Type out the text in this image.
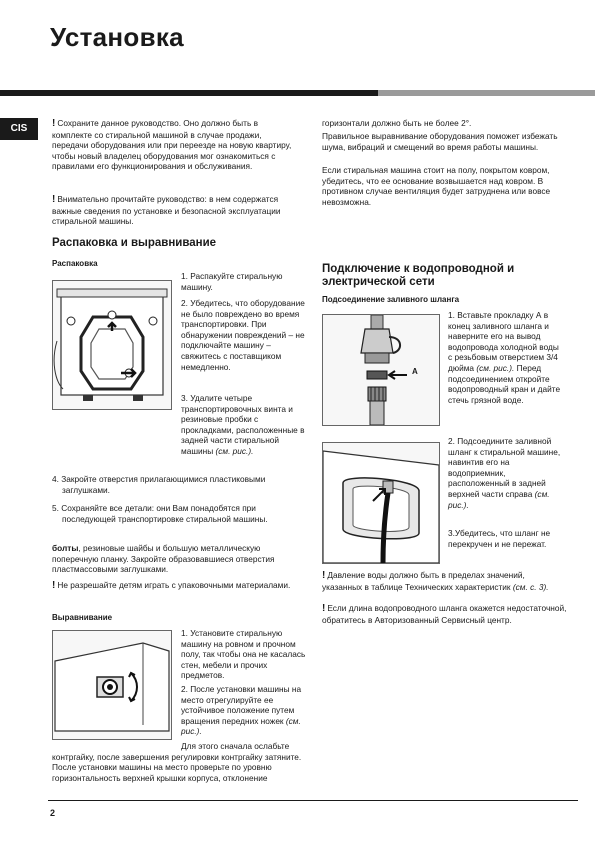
Установка
CIS	! Сохраните данное руководство. Оно должно быть в комплекте со стиральной машиной в случае продажи, передачи оборудования или при переезде на новую квартиру, чтобы новый владелец оборудования мог ознакомиться с правилами его функционирования и обслуживания.
! Внимательно прочитайте руководство: в нем содержатся важные сведения по установке и безопасной эксплуатации стиральной машины.
Распаковка и выравнивание
Распаковка
1. Распакуйте стиральную машину.
2. Убедитесь, что оборудование не было повреждено во время транспортировки. При обнаружении повреждений – не подключайте машину – свяжитесь с поставщиком немедленно.
3. Удалите четыре транспортировочных винта и резиновые пробки с прокладками, расположенные в задней части стиральной машины (см. рис.).
4. Закройте отверстия прилагающимися пластиковыми заглушками.
5. Сохраняйте все детали: они Вам понадобятся при последующей транспортировке стиральной машины.
болты, резиновые шайбы и большую металлическую поперечную планку. Закройте образовавшиеся отверстия пластмассовыми заглушками.
! Не разрешайте детям играть с упаковочными материалами.
Выравнивание
1. Установите стиральную машину на ровном и прочном полу, так чтобы она не касалась стен, мебели и прочих предметов.
2. После установки машины на место отрегулируйте ее устойчивое положение путем вращения передних ножек (см. рис.).
Для этого сначала ослабьте контргайку, после завершения регулировки контргайку затяните. После установки машины на место проверьте по уровню горизонтальность верхней крышки корпуса, отклонение
горизонтали должно быть не более 2°.
Правильное выравнивание оборудования поможет избежать шума, вибраций и смещений во время работы машины.
Если стиральная машина стоит на полу, покрытом ковром, убедитесь, что ее основание возвышается над ковром. В противном случае вентиляция будет затруднена или вовсе невозможна.
Подключение к водопроводной и электрической сети
Подсоединение заливного шланга
A
1. Вставьте прокладку А в конец заливного шланга и наверните его на вывод водопровода холодной воды с резьбовым отверстием 3/4 дюйма (см. рис.). Перед подсоединением откройте водопроводный кран и дайте стечь грязной воде.
2. Подсоедините заливной шланг к стиральной машине, навинтив его на водоприемник, расположенный в задней верхней части справа (см. рис.).
3.Убедитесь, что шланг не перекручен и не пережат.
! Давление воды должно быть в пределах значений, указанных в таблице Технических характеристик (см. с. 3).
! Если длина водопроводного шланга окажется недостаточной, обратитесь в Авторизованный Сервисный центр.
2
